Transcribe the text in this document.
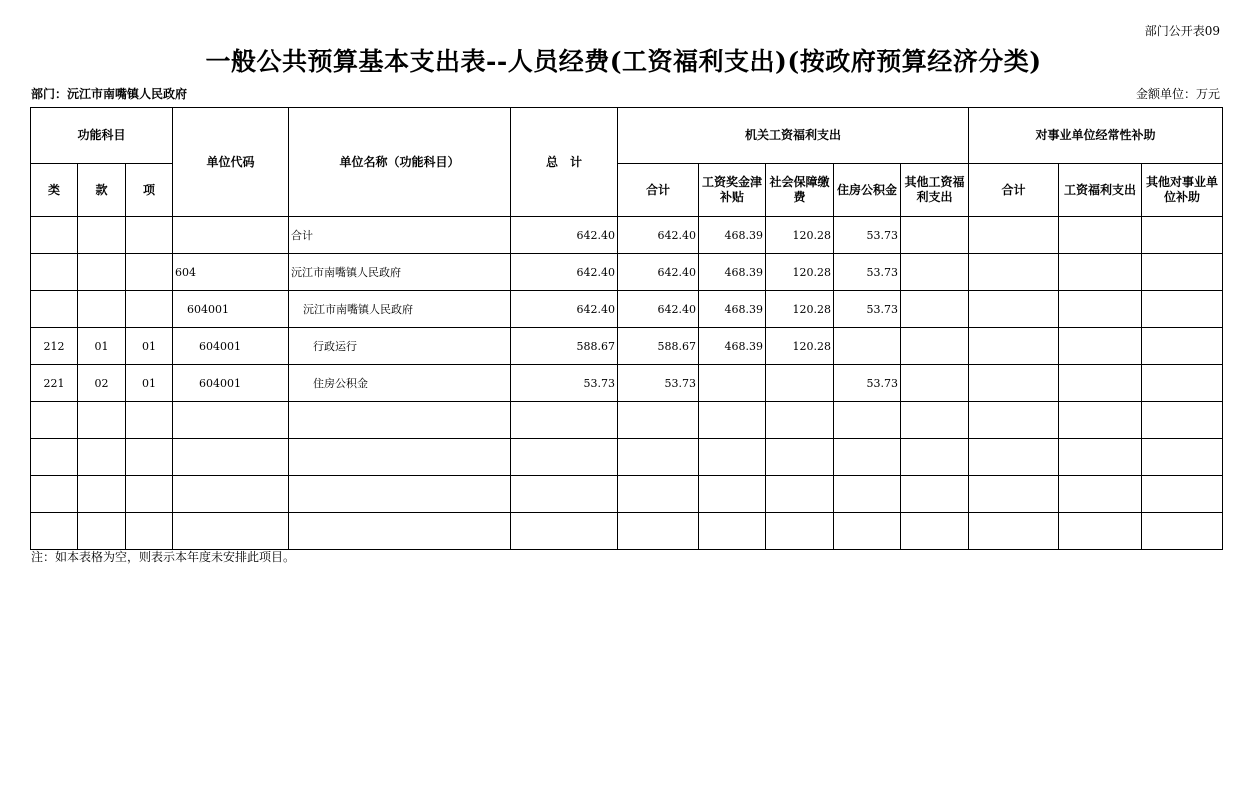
部门公开表09
一般公共预算基本支出表--人员经费(工资福利支出)(按政府预算经济分类)
部门：沅江市南嘴镇人民政府	金额单位：万元
功能科目			单位代码	单位名称（功能科目）	总　计	机关工资福利支出					对事业单位经常性补助		
类	款	项				合计	工资奖金津补贴	社会保障缴费	住房公积金	其他工资福利支出	合计	工资福利支出	其他对事业单位补助
				合计	642.40	642.40	468.39	120.28	53.73				
			604	沅江市南嘴镇人民政府	642.40	642.40	468.39	120.28	53.73				
			604001	沅江市南嘴镇人民政府	642.40	642.40	468.39	120.28	53.73				
212	01	01	604001	行政运行	588.67	588.67	468.39	120.28					
221	02	01	604001	住房公积金	53.73	53.73			53.73				

注：如本表格为空，则表示本年度未安排此项目。
